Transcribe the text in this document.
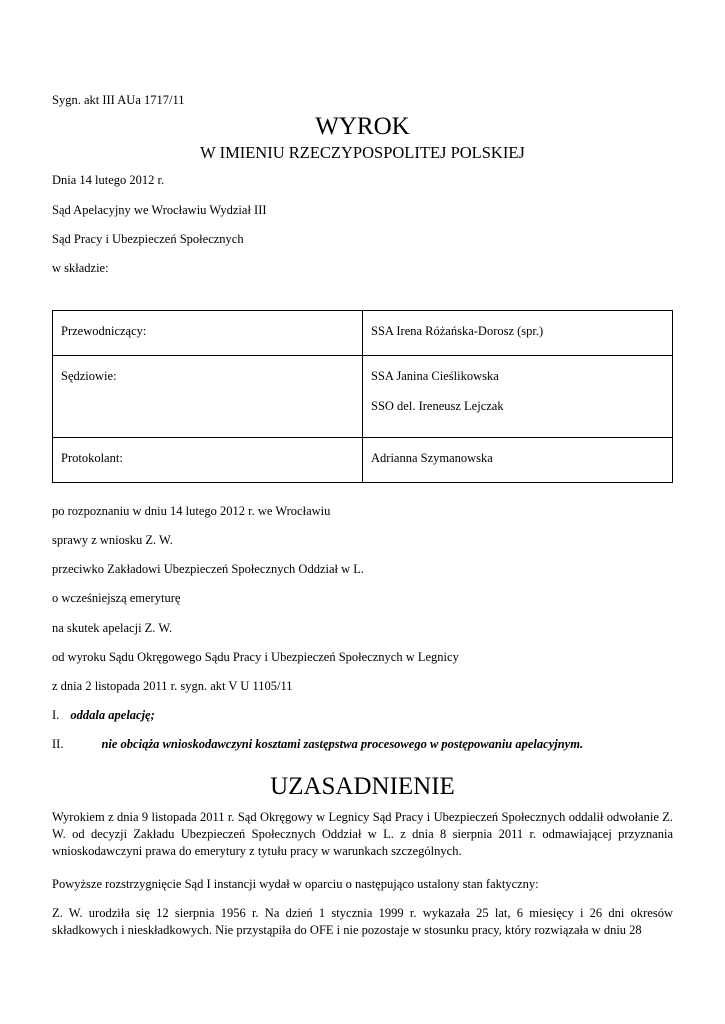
Sygn. akt III AUa 1717/11
WYROK
W IMIENIU RZECZYPOSPOLITEJ POLSKIEJ
Dnia 14 lutego 2012 r.
Sąd Apelacyjny we Wrocławiu Wydział III
Sąd Pracy i Ubezpieczeń Społecznych
w składzie:
Przewodniczący:	SSA Irena Różańska-Dorosz (spr.)
Sędziowie:	SSA Janina Cieślikowska
SSO del. Ireneusz Lejczak

Protokolant:	Adrianna Szymanowska
po rozpoznaniu w dniu 14 lutego 2012 r. we Wrocławiu
sprawy z wniosku Z. W.
przeciwko Zakładowi Ubezpieczeń Społecznych Oddział w L.
o wcześniejszą emeryturę
na skutek apelacji Z. W.
od wyroku Sądu Okręgowego Sądu Pracy i Ubezpieczeń Społecznych w Legnicy
z dnia 2 listopada 2011 r. sygn. akt V U 1105/11
I. oddala apelację;
II.	nie obciąża wnioskodawczyni kosztami zastępstwa procesowego w postępowaniu apelacyjnym.
UZASADNIENIE
Wyrokiem z dnia 9 listopada 2011 r. Sąd Okręgowy w Legnicy Sąd Pracy i Ubezpieczeń Społecznych oddalił odwołanie Z. W. od decyzji Zakładu Ubezpieczeń Społecznych Oddział w L. z dnia 8 sierpnia 2011 r. odmawiającej przyznania wnioskodawczyni prawa do emerytury z tytułu pracy w warunkach szczególnych.
Powyższe rozstrzygnięcie Sąd I instancji wydał w oparciu o następująco ustalony stan faktyczny:
Z. W. urodziła się 12 sierpnia 1956 r. Na dzień 1 stycznia 1999 r. wykazała 25 lat, 6 miesięcy i 26 dni okresów składkowych i nieskładkowych. Nie przystąpiła do OFE i nie pozostaje w stosunku pracy, który rozwiązała w dniu 28
